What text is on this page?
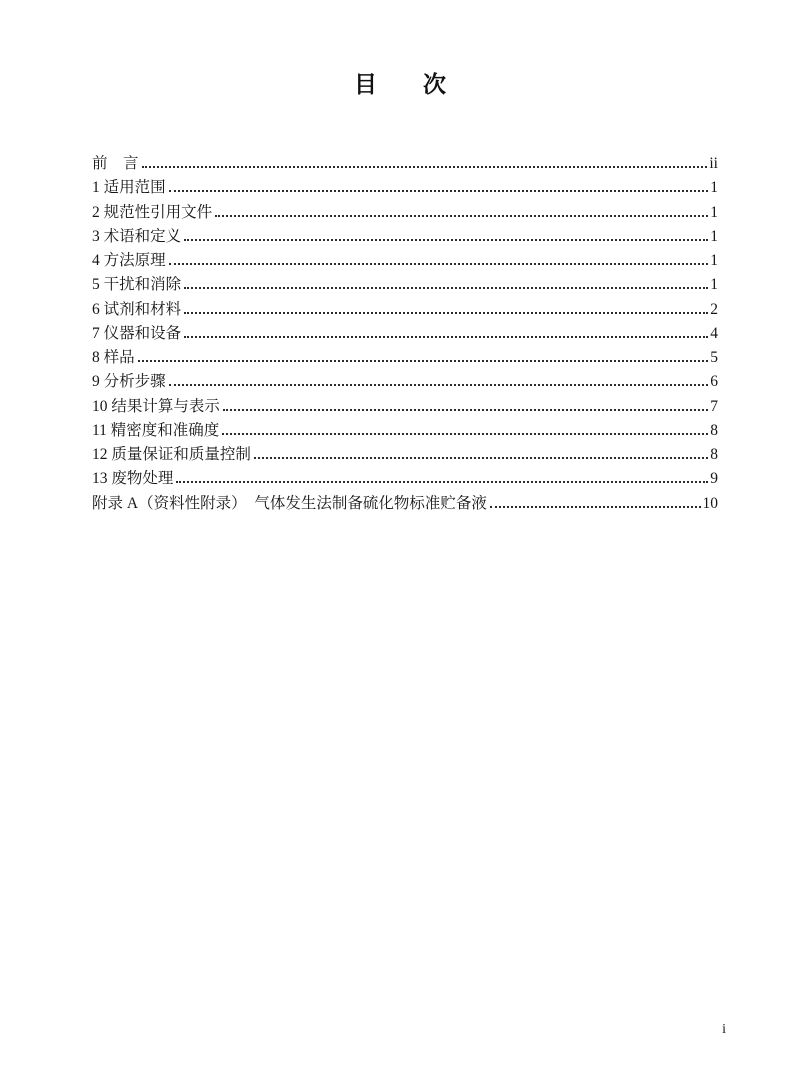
目　　次
前　言	ii
1 适用范围	1
2 规范性引用文件	1
3 术语和定义	1
4 方法原理	1
5 干扰和消除	1
6 试剂和材料	2
7 仪器和设备	4
8 样品	5
9 分析步骤	6
10 结果计算与表示	7
11 精密度和准确度	8
12 质量保证和质量控制	8
13 废物处理	9
附录 A（资料性附录）　气体发生法制备硫化物标准贮备液	10
i
